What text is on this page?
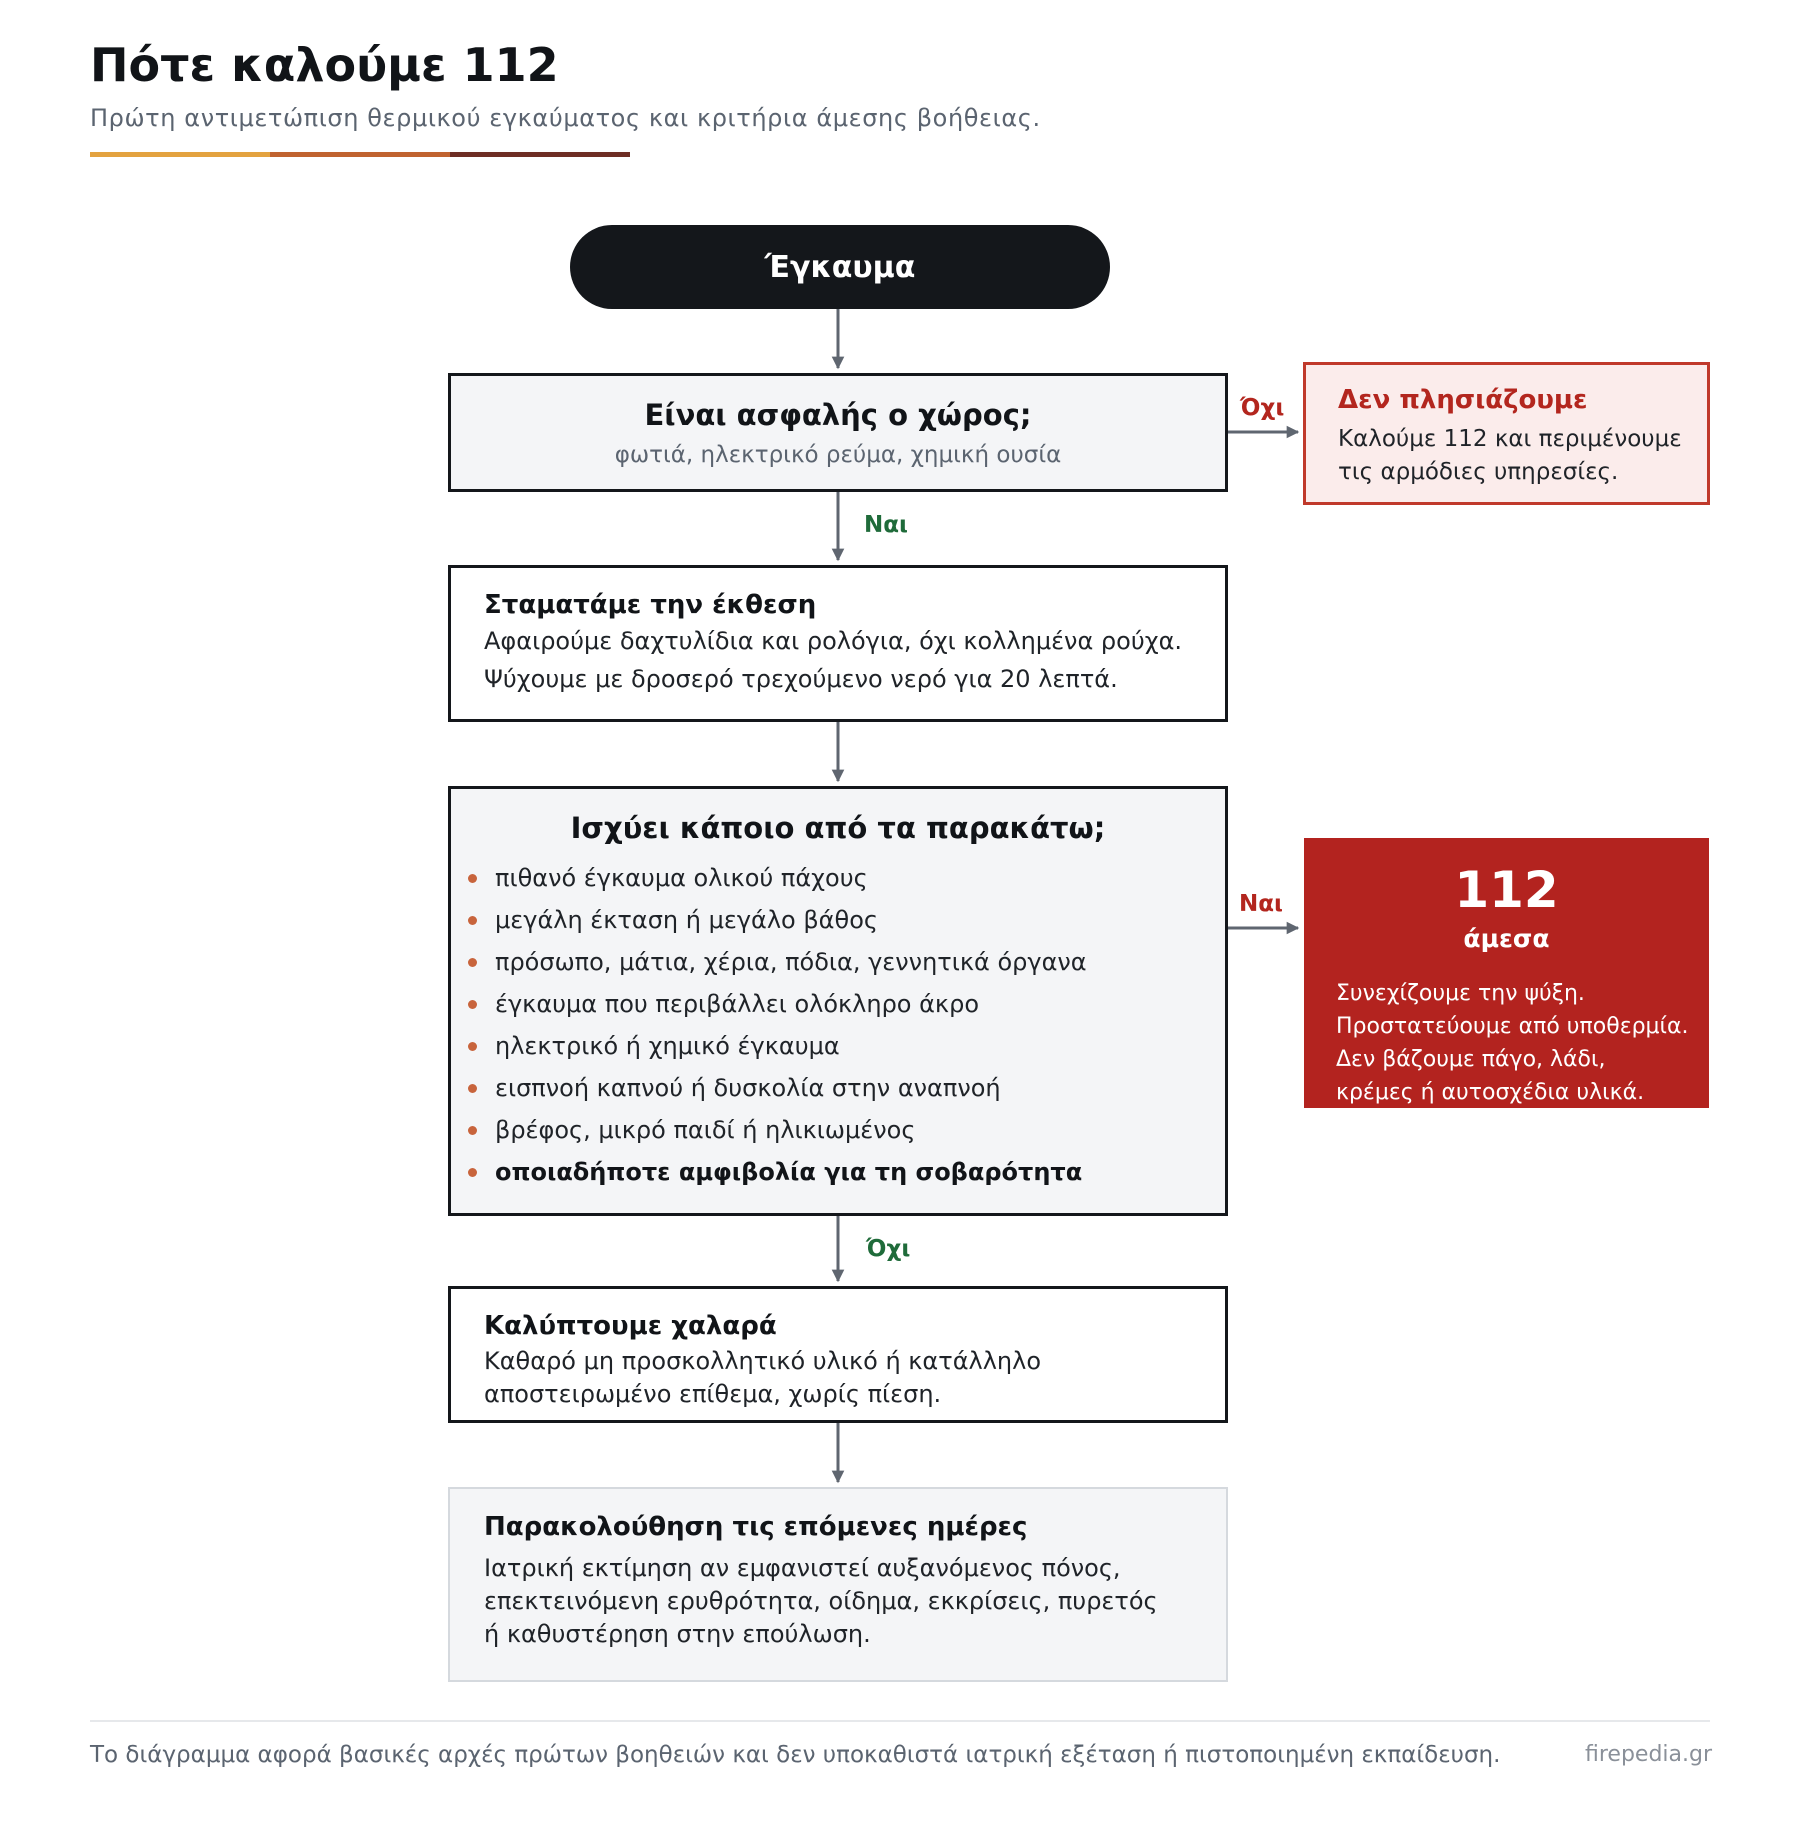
Πότε καλούμε 112
Πρώτη αντιμετώπιση θερμικού εγκαύματος και κριτήρια άμεσης βοήθειας.
Έγκαυμα
Είναι ασφαλής ο χώρος;
φωτιά, ηλεκτρικό ρεύμα, χημική ουσία
Όχι
Ναι
Δεν πλησιάζουμε
Καλούμε 112 και περιμένουμε
τις αρμόδιες υπηρεσίες.
Σταματάμε την έκθεση
Αφαιρούμε δαχτυλίδια και ρολόγια, όχι κολλημένα ρούχα.
Ψύχουμε με δροσερό τρεχούμενο νερό για 20 λεπτά.
Ισχύει κάποιο από τα παρακάτω;
πιθανό έγκαυμα ολικού πάχους
μεγάλη έκταση ή μεγάλο βάθος
πρόσωπο, μάτια, χέρια, πόδια, γεννητικά όργανα
έγκαυμα που περιβάλλει ολόκληρο άκρο
ηλεκτρικό ή χημικό έγκαυμα
εισπνοή καπνού ή δυσκολία στην αναπνοή
βρέφος, μικρό παιδί ή ηλικιωμένος
οποιαδήποτε αμφιβολία για τη σοβαρότητα
Ναι
Όχι
112
άμεσα
Συνεχίζουμε την ψύξη.
Προστατεύουμε από υποθερμία.
Δεν βάζουμε πάγο, λάδι,
κρέμες ή αυτοσχέδια υλικά.
Καλύπτουμε χαλαρά
Καθαρό μη προσκολλητικό υλικό ή κατάλληλο
αποστειρωμένο επίθεμα, χωρίς πίεση.
Παρακολούθηση τις επόμενες ημέρες
Ιατρική εκτίμηση αν εμφανιστεί αυξανόμενος πόνος,
επεκτεινόμενη ερυθρότητα, οίδημα, εκκρίσεις, πυρετός
ή καθυστέρηση στην επούλωση.
Το διάγραμμα αφορά βασικές αρχές πρώτων βοηθειών και δεν υποκαθιστά ιατρική εξέταση ή πιστοποιημένη εκπαίδευση.	firepedia.gr
